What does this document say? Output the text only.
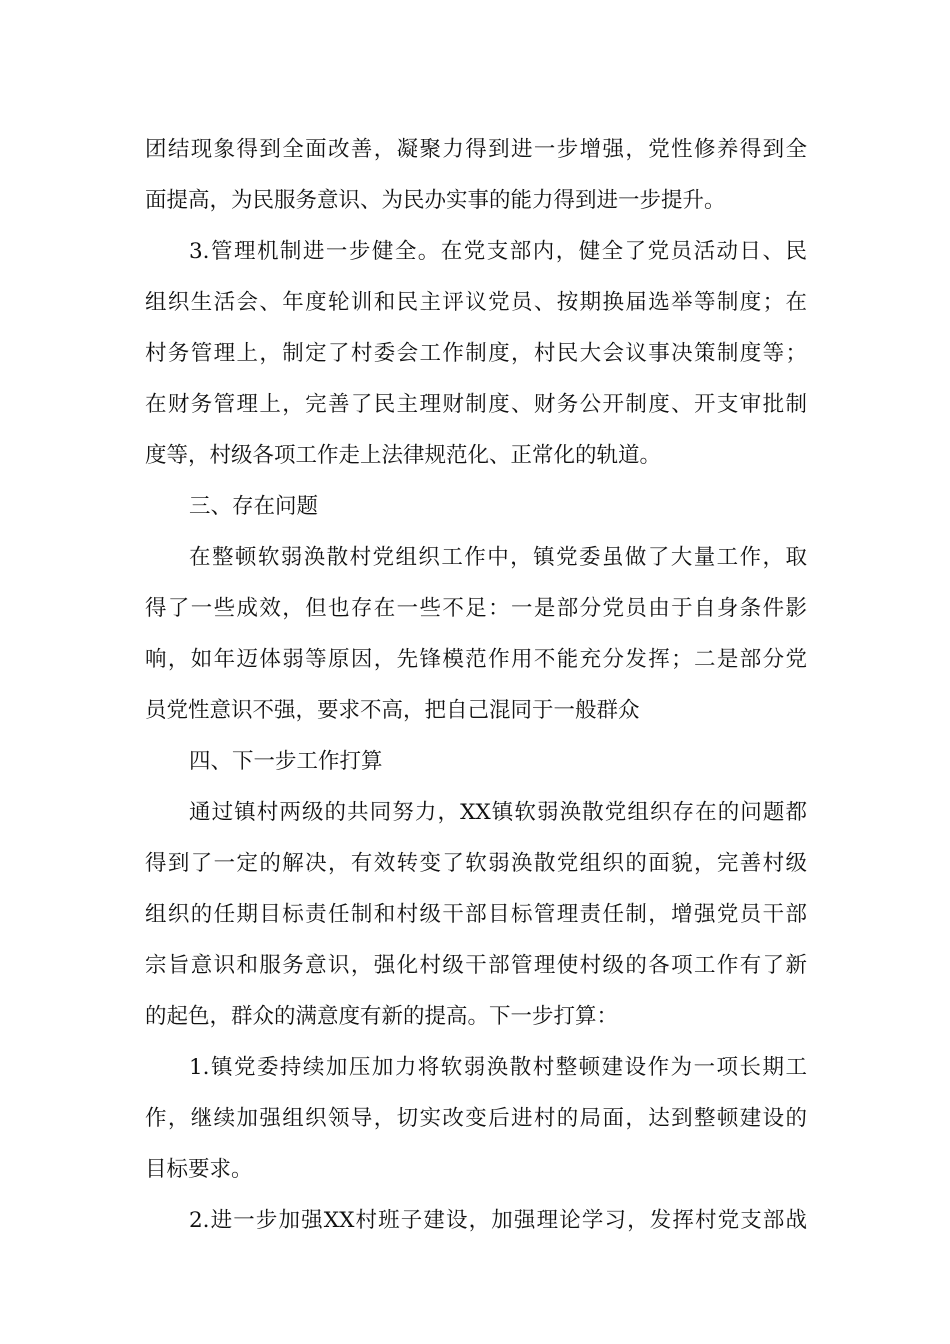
团结现象得到全面改善，凝聚力得到进一步增强，党性修养得到全
面提高，为民服务意识、为民办实事的能力得到进一步提升。
3.管理机制进一步健全。在党支部内，健全了党员活动日、民
组织生活会、年度轮训和民主评议党员、按期换届选举等制度；在
村务管理上，制定了村委会工作制度，村民大会议事决策制度等；
在财务管理上，完善了民主理财制度、财务公开制度、开支审批制
度等，村级各项工作走上法律规范化、正常化的轨道。
三、存在问题
在整顿软弱涣散村党组织工作中，镇党委虽做了大量工作，取
得了一些成效，但也存在一些不足：一是部分党员由于自身条件影
响，如年迈体弱等原因，先锋模范作用不能充分发挥；二是部分党
员党性意识不强，要求不高，把自己混同于一般群众
四、下一步工作打算
通过镇村两级的共同努力，XX镇软弱涣散党组织存在的问题都
得到了一定的解决，有效转变了软弱涣散党组织的面貌，完善村级
组织的任期目标责任制和村级干部目标管理责任制，增强党员干部
宗旨意识和服务意识，强化村级干部管理使村级的各项工作有了新
的起色，群众的满意度有新的提高。下一步打算：
1.镇党委持续加压加力将软弱涣散村整顿建设作为一项长期工
作，继续加强组织领导，切实改变后进村的局面，达到整顿建设的
目标要求。
2.进一步加强XX村班子建设，加强理论学习，发挥村党支部战
